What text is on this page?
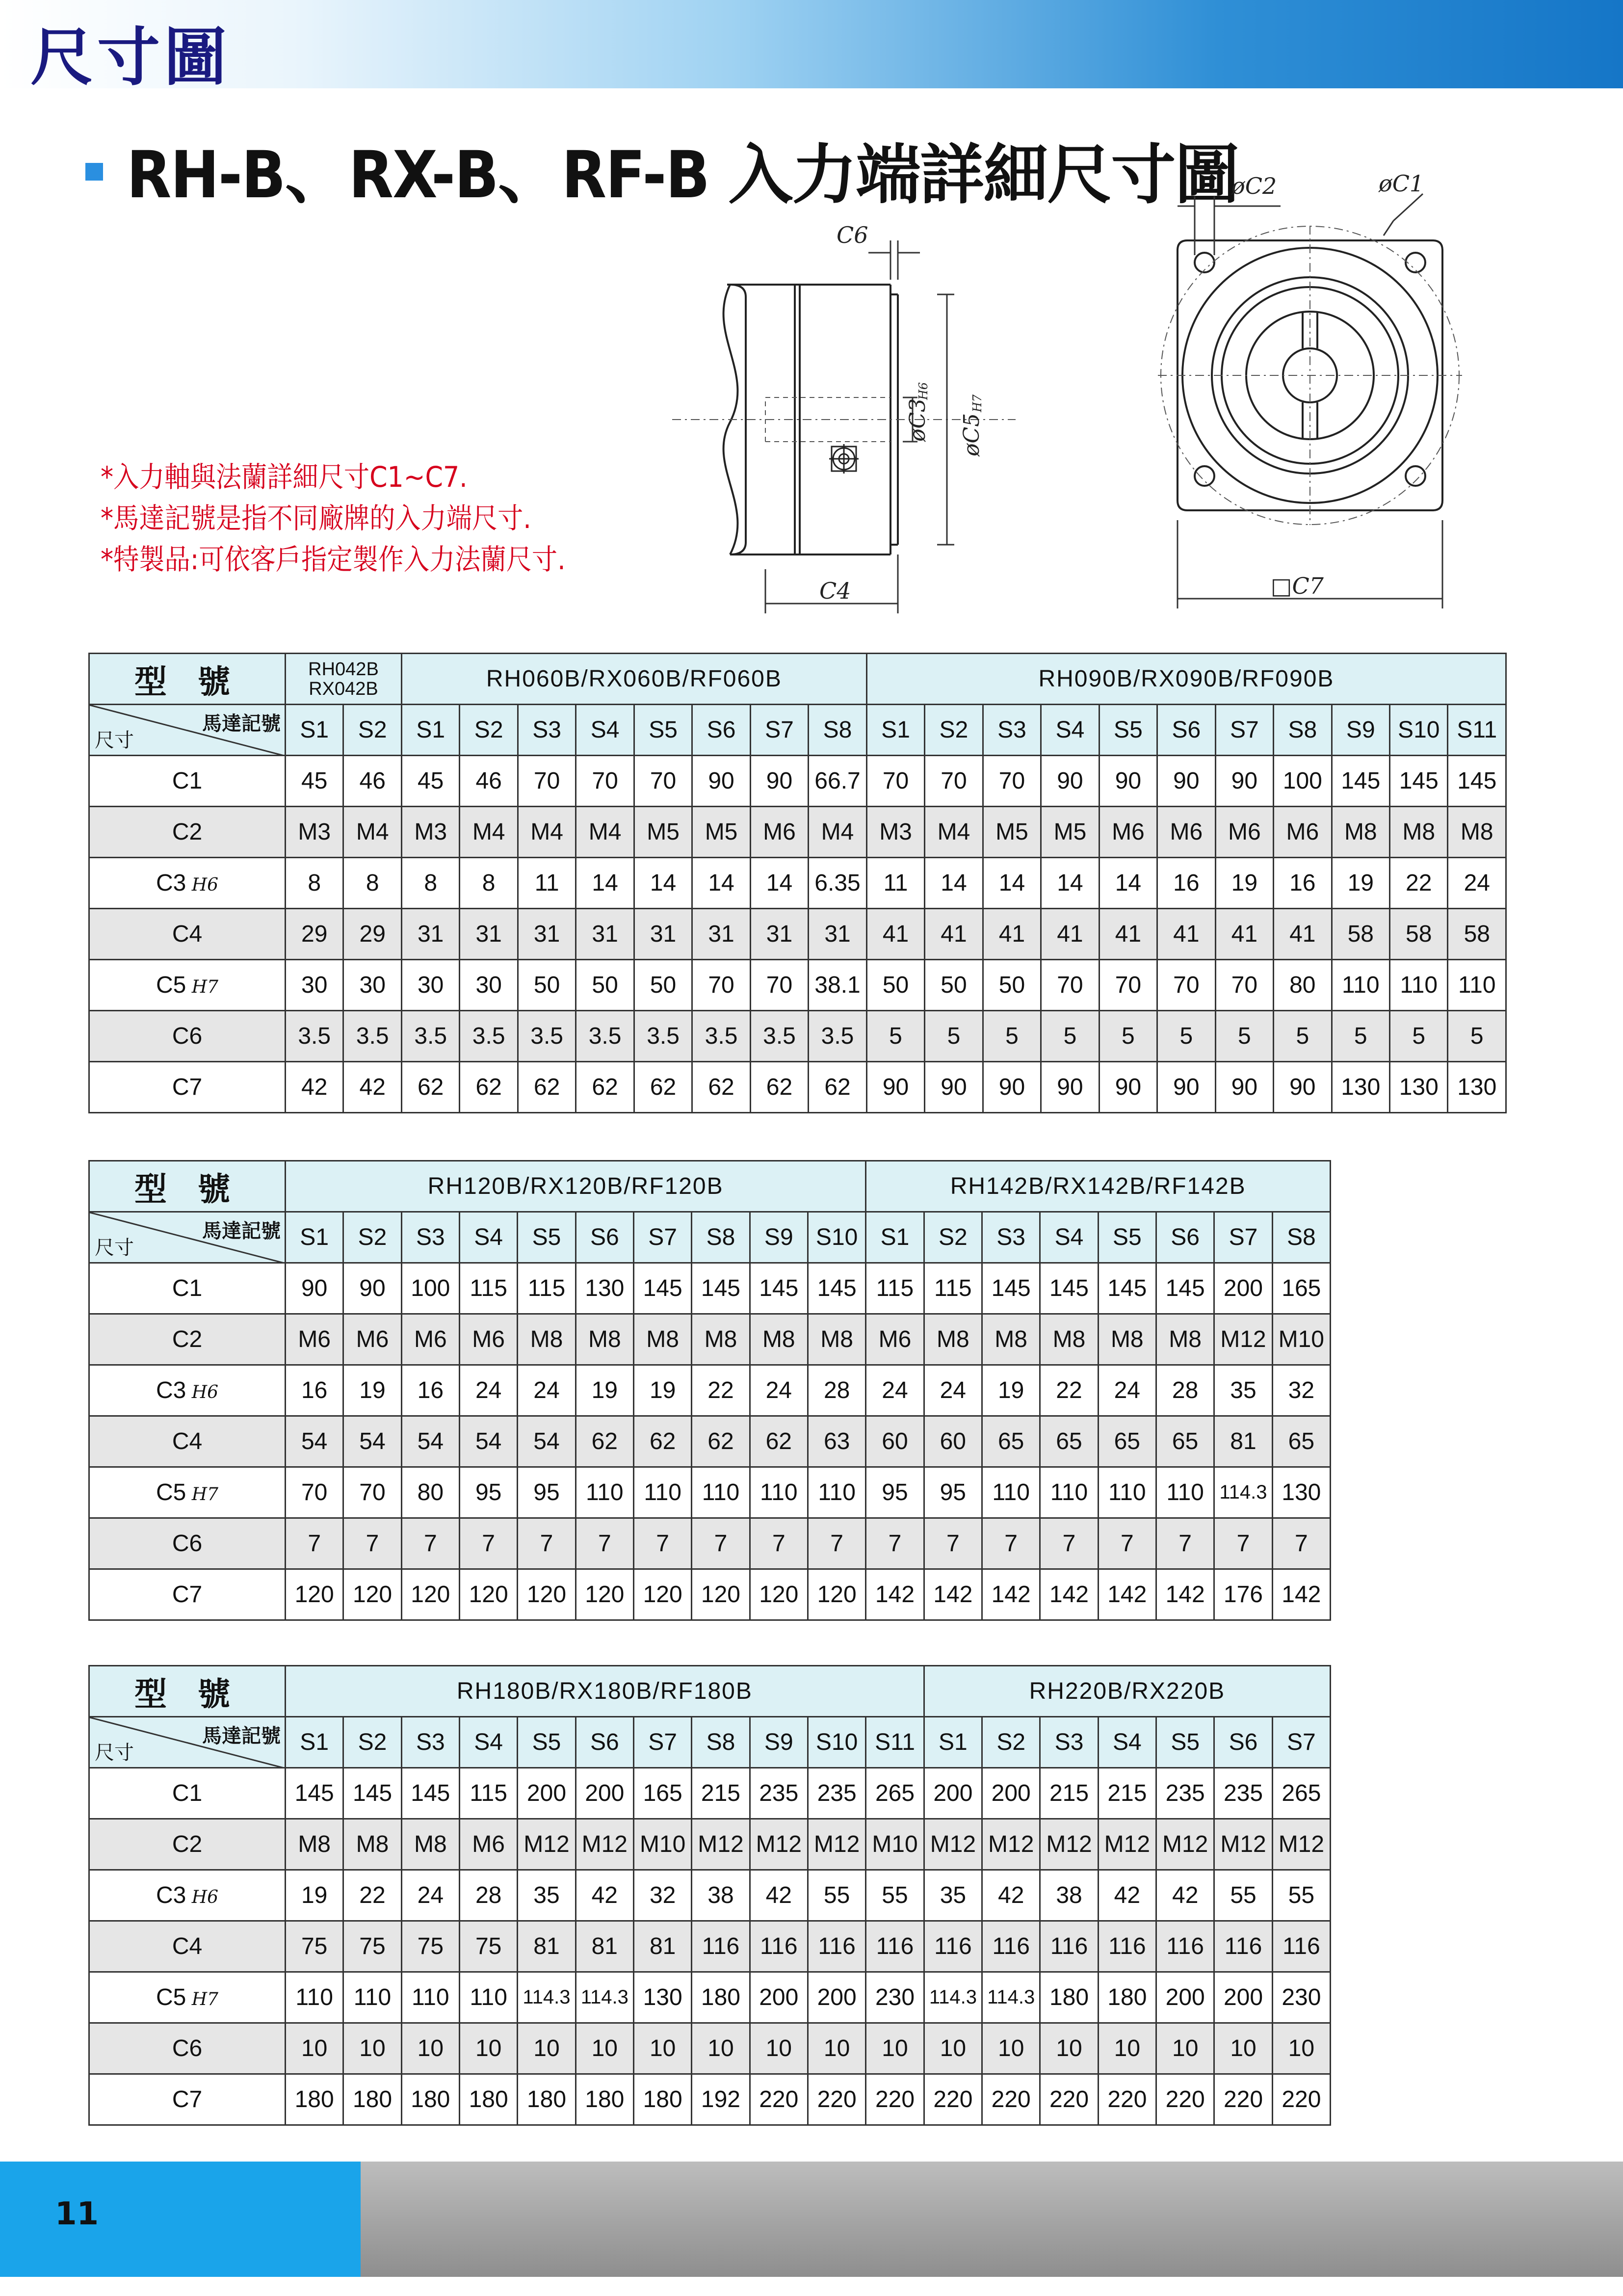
尺寸圖
RH-B、RX-B、RF-B 入力端詳細尺寸圖
C6
øC3
H6
øC5
H7
C4
øC2	øC1
□C7
*入力軸與法蘭詳細尺寸C1~C7.
*馬達記號是指不同廠牌的入力端尺寸.
*特製品:可依客戶指定製作入力法蘭尺寸.
型 號	RH042B
RX042B		RH060B/RX060B/RF060B								RH090B/RX090B/RF090B										

馬達記號
尺寸	S1	S2	S1	S2	S3	S4	S5	S6	S7	S8	S1	S2	S3	S4	S5	S6	S7	S8	S9	S10	S11
C1	45	46	45	46	70	70	70	90	90	66.7	70	70	70	90	90	90	90	100	145	145	145
C2	M3	M4	M3	M4	M4	M4	M5	M5	M6	M4	M3	M4	M5	M5	M6	M6	M6	M6	M8	M8	M8
C3 H6	8	8	8	8	11	14	14	14	14	6.35	11	14	14	14	14	16	19	16	19	22	24
C4	29	29	31	31	31	31	31	31	31	31	41	41	41	41	41	41	41	41	58	58	58
C5 H7	30	30	30	30	50	50	50	70	70	38.1	50	50	50	70	70	70	70	80	110	110	110
C6	3.5	3.5	3.5	3.5	3.5	3.5	3.5	3.5	3.5	3.5	5	5	5	5	5	5	5	5	5	5	5
C7	42	42	62	62	62	62	62	62	62	62	90	90	90	90	90	90	90	90	130	130	130
型 號	RH120B/RX120B/RF120B										RH142B/RX142B/RF142B							

馬達記號
尺寸	S1	S2	S3	S4	S5	S6	S7	S8	S9	S10	S1	S2	S3	S4	S5	S6	S7	S8
C1	90	90	100	115	115	130	145	145	145	145	115	115	145	145	145	145	200	165
C2	M6	M6	M6	M6	M8	M8	M8	M8	M8	M8	M6	M8	M8	M8	M8	M8	M12	M10
C3 H6	16	19	16	24	24	19	19	22	24	28	24	24	19	22	24	28	35	32
C4	54	54	54	54	54	62	62	62	62	63	60	60	65	65	65	65	81	65
C5 H7	70	70	80	95	95	110	110	110	110	110	95	95	110	110	110	110	114.3	130
C6	7	7	7	7	7	7	7	7	7	7	7	7	7	7	7	7	7	7
C7	120	120	120	120	120	120	120	120	120	120	142	142	142	142	142	142	176	142
型 號	RH180B/RX180B/RF180B											RH220B/RX220B						

馬達記號
尺寸	S1	S2	S3	S4	S5	S6	S7	S8	S9	S10	S11	S1	S2	S3	S4	S5	S6	S7
C1	145	145	145	115	200	200	165	215	235	235	265	200	200	215	215	235	235	265
C2	M8	M8	M8	M6	M12	M12	M10	M12	M12	M12	M10	M12	M12	M12	M12	M12	M12	M12
C3 H6	19	22	24	28	35	42	32	38	42	55	55	35	42	38	42	42	55	55
C4	75	75	75	75	81	81	81	116	116	116	116	116	116	116	116	116	116	116
C5 H7	110	110	110	110	114.3	114.3	130	180	200	200	230	114.3	114.3	180	180	200	200	230
C6	10	10	10	10	10	10	10	10	10	10	10	10	10	10	10	10	10	10
C7	180	180	180	180	180	180	180	192	220	220	220	220	220	220	220	220	220	220
11
